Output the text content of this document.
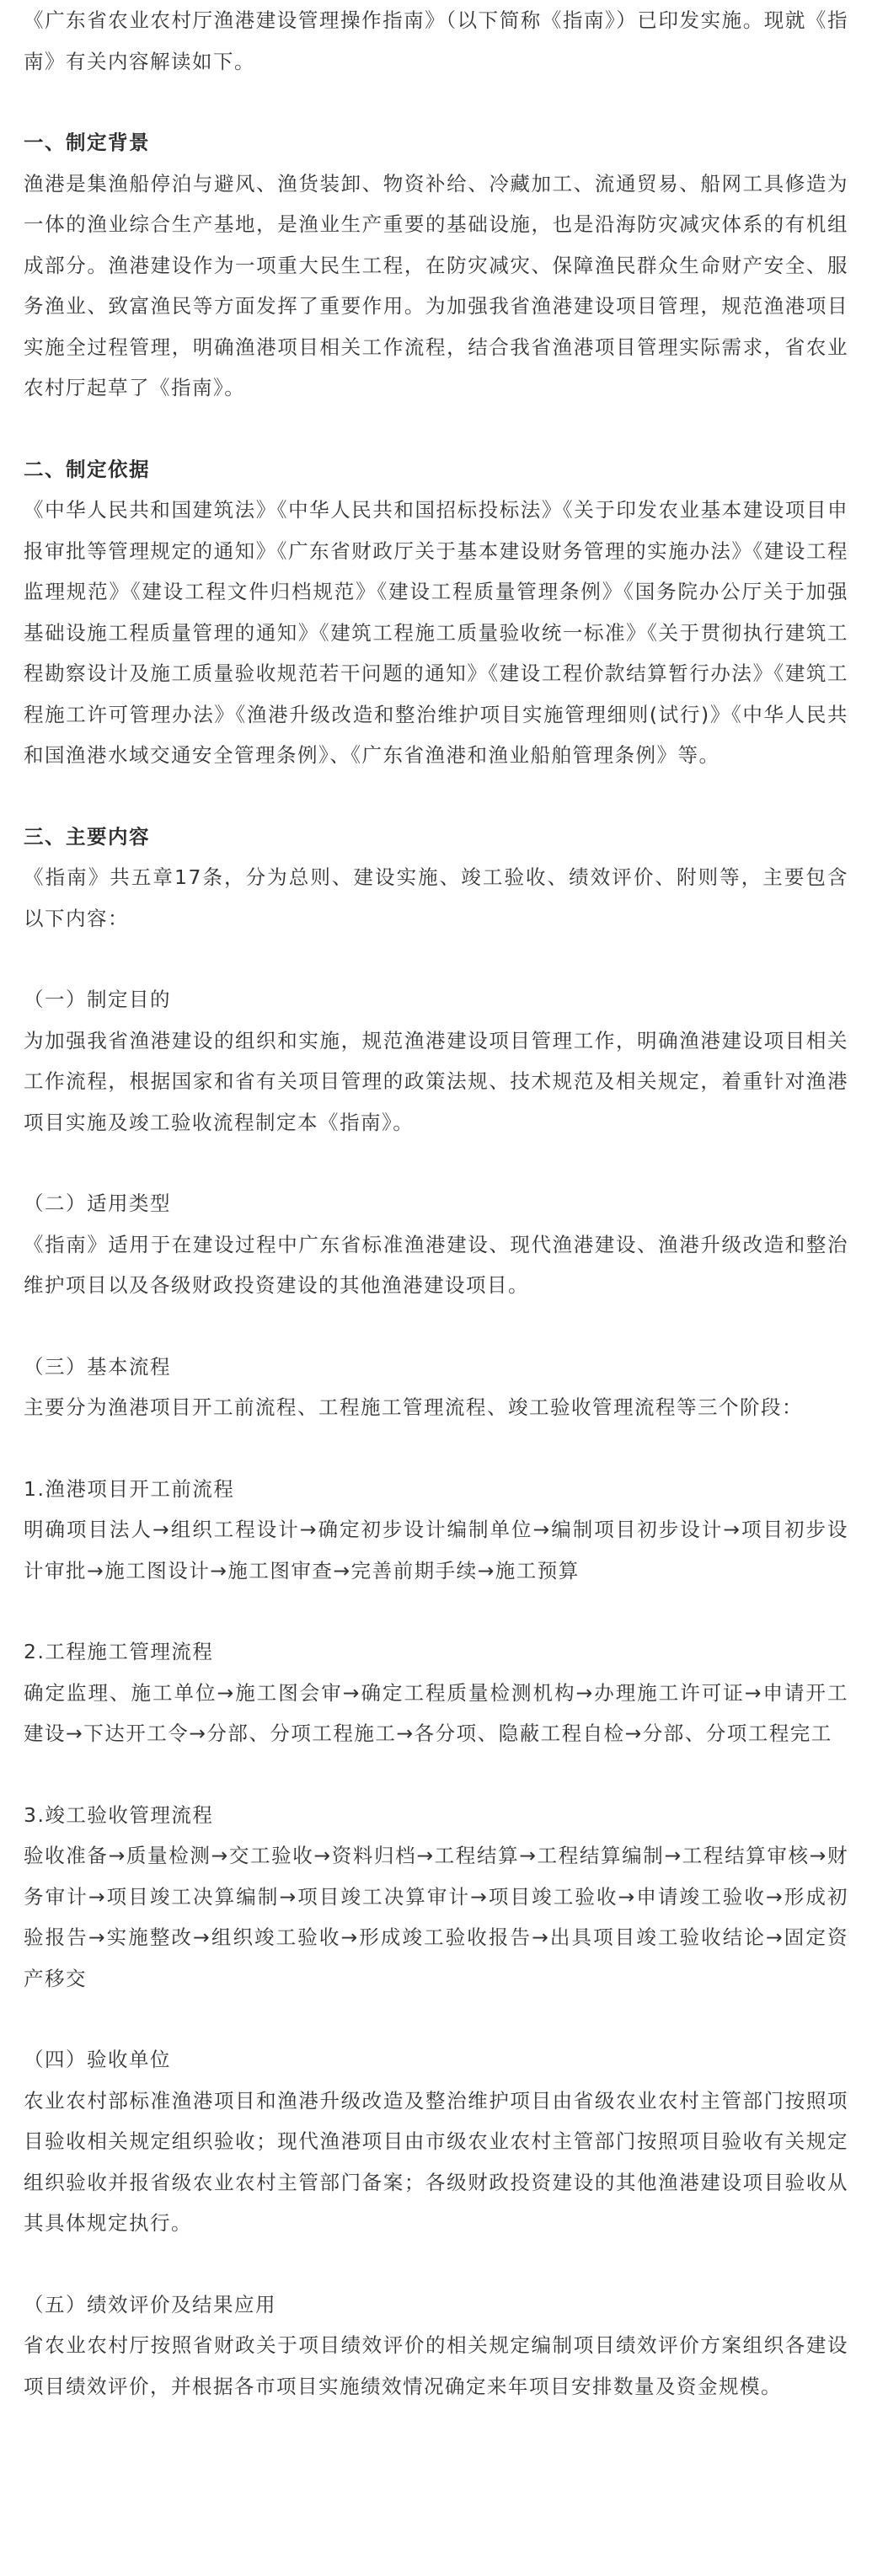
《广东省农业农村厅渔港建设管理操作指南》（以下简称《指南》）已印发实施。现就《指南》有关内容解读如下。

一、制定背景

渔港是集渔船停泊与避风、渔货装卸、物资补给、冷藏加工、流通贸易、船网工具修造为一体的渔业综合生产基地，是渔业生产重要的基础设施，也是沿海防灾减灾体系的有机组成部分。渔港建设作为一项重大民生工程，在防灾减灾、保障渔民群众生命财产安全、服务渔业、致富渔民等方面发挥了重要作用。为加强我省渔港建设项目管理，规范渔港项目实施全过程管理，明确渔港项目相关工作流程，结合我省渔港项目管理实际需求，省农业农村厅起草了《指南》。

二、制定依据

《中华人民共和国建筑法》《中华人民共和国招标投标法》《关于印发农业基本建设项目申报审批等管理规定的通知》《广东省财政厅关于基本建设财务管理的实施办法》《建设工程监理规范》《建设工程文件归档规范》《建设工程质量管理条例》《国务院办公厅关于加强基础设施工程质量管理的通知》《建筑工程施工质量验收统一标准》《关于贯彻执行建筑工程勘察设计及施工质量验收规范若干问题的通知》《建设工程价款结算暂行办法》《建筑工程施工许可管理办法》《渔港升级改造和整治维护项目实施管理细则(试行)》《中华人民共和国渔港水域交通安全管理条例》、《广东省渔港和渔业船舶管理条例》等。

三、主要内容

《指南》共五章17条，分为总则、建设实施、竣工验收、绩效评价、附则等，主要包含以下内容：

（一）制定目的

为加强我省渔港建设的组织和实施，规范渔港建设项目管理工作，明确渔港建设项目相关工作流程，根据国家和省有关项目管理的政策法规、技术规范及相关规定，着重针对渔港项目实施及竣工验收流程制定本《指南》。

（二）适用类型

《指南》适用于在建设过程中广东省标准渔港建设、现代渔港建设、渔港升级改造和整治维护项目以及各级财政投资建设的其他渔港建设项目。

（三）基本流程

主要分为渔港项目开工前流程、工程施工管理流程、竣工验收管理流程等三个阶段：

1.渔港项目开工前流程

明确项目法人→组织工程设计→确定初步设计编制单位→编制项目初步设计→项目初步设计审批→施工图设计→施工图审查→完善前期手续→施工预算

2.工程施工管理流程

确定监理、施工单位→施工图会审→确定工程质量检测机构→办理施工许可证→申请开工建设→下达开工令→分部、分项工程施工→各分项、隐蔽工程自检→分部、分项工程完工

3.竣工验收管理流程

验收准备→质量检测→交工验收→资料归档→工程结算→工程结算编制→工程结算审核→财务审计→项目竣工决算编制→项目竣工决算审计→项目竣工验收→申请竣工验收→形成初验报告→实施整改→组织竣工验收→形成竣工验收报告→出具项目竣工验收结论→固定资产移交

（四）验收单位

农业农村部标准渔港项目和渔港升级改造及整治维护项目由省级农业农村主管部门按照项目验收相关规定组织验收；现代渔港项目由市级农业农村主管部门按照项目验收有关规定组织验收并报省级农业农村主管部门备案；各级财政投资建设的其他渔港建设项目验收从其具体规定执行。

（五）绩效评价及结果应用

省农业农村厅按照省财政关于项目绩效评价的相关规定编制项目绩效评价方案组织各建设项目绩效评价，并根据各市项目实施绩效情况确定来年项目安排数量及资金规模。
